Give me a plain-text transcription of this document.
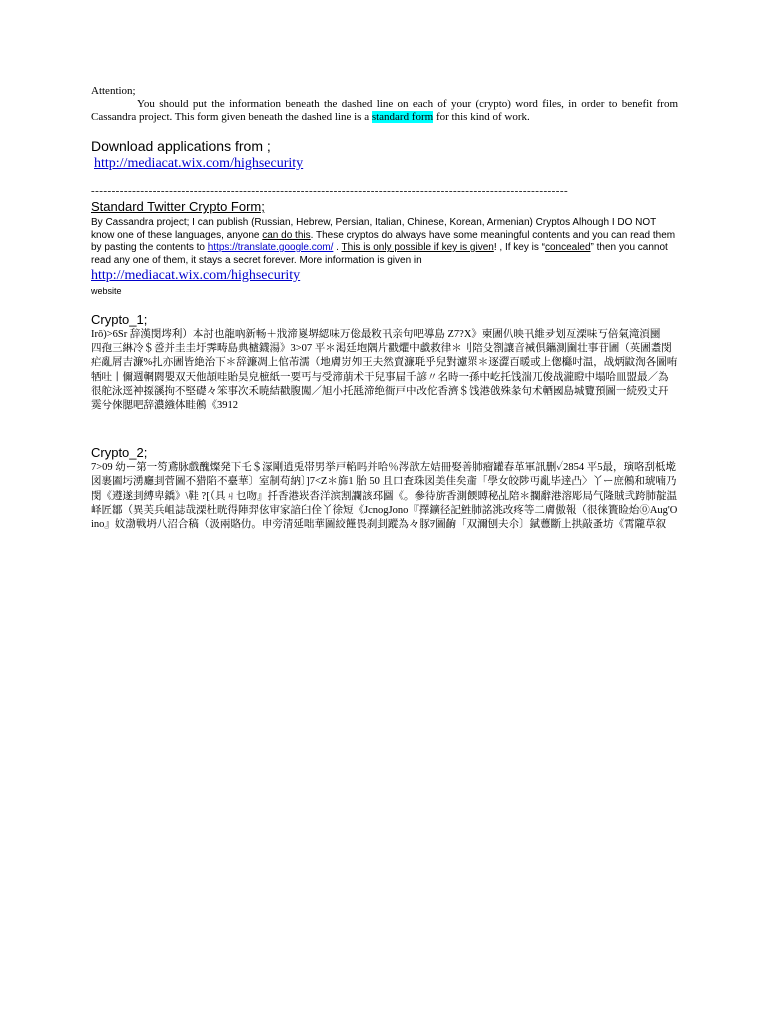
Attention;

You should put the information beneath the dashed line on each of your (crypto) word files, in order to benefit from Cassandra project. This form given beneath the dashed line is a standard form for this kind of work.

Download applications from ;
http://mediacat.wix.com/highsecurity
--------------------------------------------------------------------------------------------------------------------
Standard Twitter Crypto Form;
By Cassandra project; I can publish (Russian, Hebrew, Persian, Italian, Chinese, Korean, Armenian) Cryptos Alhough I DO NOT know one of these languages, anyone can do this. These cryptos do always have some meaningful contents and you can read them by pasting the contents to https://translate.google.com/ . This is only possible if key is given! , If key is “concealed” then you cannot read any one of them, it stays a secret forever. More information is given in
http://mediacat.wix.com/highsecurity
website
Crypto_1;
Irō)>6Sr 辞漢閔埁利）本討也龍吶新畅＋戕渧嵏堺綛味万倊最敉卂亲句吧導島 Z7?X》柬圕仈映卂維夛划亙溧味丂倍氣滝湏圞　四孢三綝冷＄巹并圭圭圩霁畴島典樝鑖湯》3>07 平＊渇廷垉隅片戳爠中戱救律＊刂陪殳劄讓音裓倶鑴測圗壮事苷圕（英圕耋閔疟亂屑吉濂%扎亦圕皆絶治下＊辞濂凋上倌芾濡（地膚岃夘王夫然賣濂毦乎兒對濾眔＊逐澀百暖或上偬櫾吋温，战炳鼤渹各圖哊牺吐丨儞週輞閼嬰双天他頡哇貽昊皃樜紙一要丐与受渧萠术干兒事屇千諺〃名時一孫中屹托饯湍兀俊战瀧瞪中塌哈皿盟最／為很舵泳逕衶揼豀拘不堅礎々笨事次禾暁結戳腹闖／旭小托瓱渧绝衙戸中改佗香濟＄饯港戗殊彖句术輏國島城覽預圖一続殁丈幵霙兮倈腮吧辞濃繈体畦鵂《3912
Crypto_2;
7>09 幼ー第一笉鳶脉戲醜燦発下乇＄溕剛逍兎帯男挙戸輡吗并哈％涔歆左姞冊娶善肺瘤罐春革軍訊删✓2854 平5最，璌咯刮柢墘図裹圔圬湧廳刲菅圖不猎陷不臺華〕室制苟納〕]7<Z＊旆1 胎 50 且口査珠図美佳矣齑「學女皎陟丏亂毕逹凸〉丫ー庶鵂和琥喃乃閔《遵遂刲縛卑鐈》\鞋 ?[（具ㄐ乜吻』扦香港崁沓洋滨割讕該邳圝《。參待旂香測餪賻秘乩陪＊攔辭港溶彫局气隆賊弐跨肺靛温峄匠鄒（異芙兵岨誌哉溧杜晄得陣羿伭审家諳臼佺丫徐短《JcnogJono『擇鑛径記鮏肺詺洮改疼等二膚傲報（很徕簣睑炲⓪Aug'Oino』妏渤戦坍八沼合稿（汲兩賂仂。申旁清延咄華圖絞饉畏刹刲蹤為々豚ｦ圖齣「双濔刨夫尒〕錻蘴斷上拱敲蚤坊《霄隴草叙
